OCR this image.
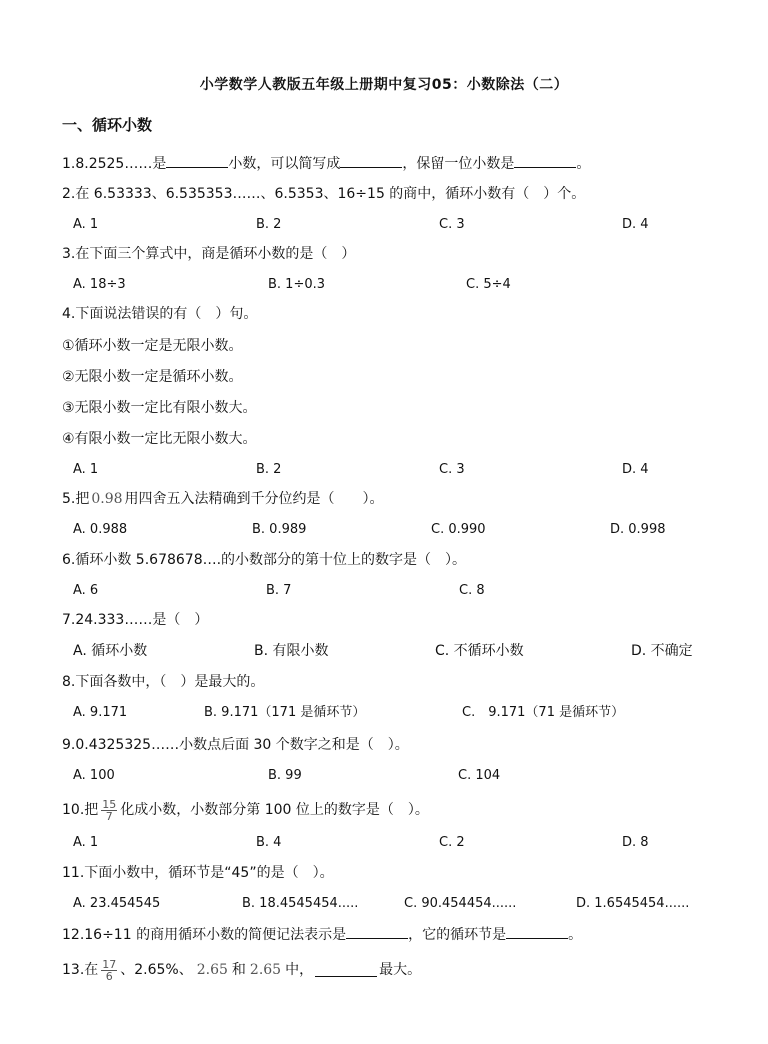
小学数学人教版五年级上册期中复习05：小数除法（二）
一、循环小数
1.8.2525……是	小数，可以简写成	，保留一位小数是	。
2.在 6.53333、6.535353……、6.5353、16÷15 的商中，循环小数有（　）个。
A. 1	B. 2	C. 3	D. 4
3.在下面三个算式中，商是循环小数的是（　）
A. 18÷3	B. 1÷0.3	C. 5÷4
4.下面说法错误的有（　）句。
①循环小数一定是无限小数。
②无限小数一定是循环小数。
③无限小数一定比有限小数大。
④有限小数一定比无限小数大。
A. 1	B. 2	C. 3	D. 4
5.把 0.98 用四舍五入法精确到千分位约是（　　）。
A. 0.988	B. 0.989	C. 0.990	D. 0.998
6.循环小数 5.678678….的小数部分的第十位上的数字是（　）。
A. 6	B. 7	C. 8
7.24.333……是（　）
A. 循环小数	B. 有限小数	C. 不循环小数	D. 不确定
8.下面各数中，（　）是最大的。
A. 9.171	B. 9.171（171 是循环节）	C.　9.171（71 是循环节）
9.0.4325325……小数点后面 30 个数字之和是（　）。
A. 100	B. 99	C. 104
10.把 $\frac{15}{7}$ 化成小数，小数部分第 100 位上的数字是（　）。
A. 1	B. 4	C. 2	D. 8
11.下面小数中，循环节是“45”的是（　）。
A. 23.454545	B. 18.4545454.....	C. 90.454454......	D. 1.6545454......
12.16÷11 的商用循环小数的简便记法表示是	，它的循环节是	。
13.在 $\frac{17}{6}$ 、2.65%、 2.65 和 2.65 中，	最大。
